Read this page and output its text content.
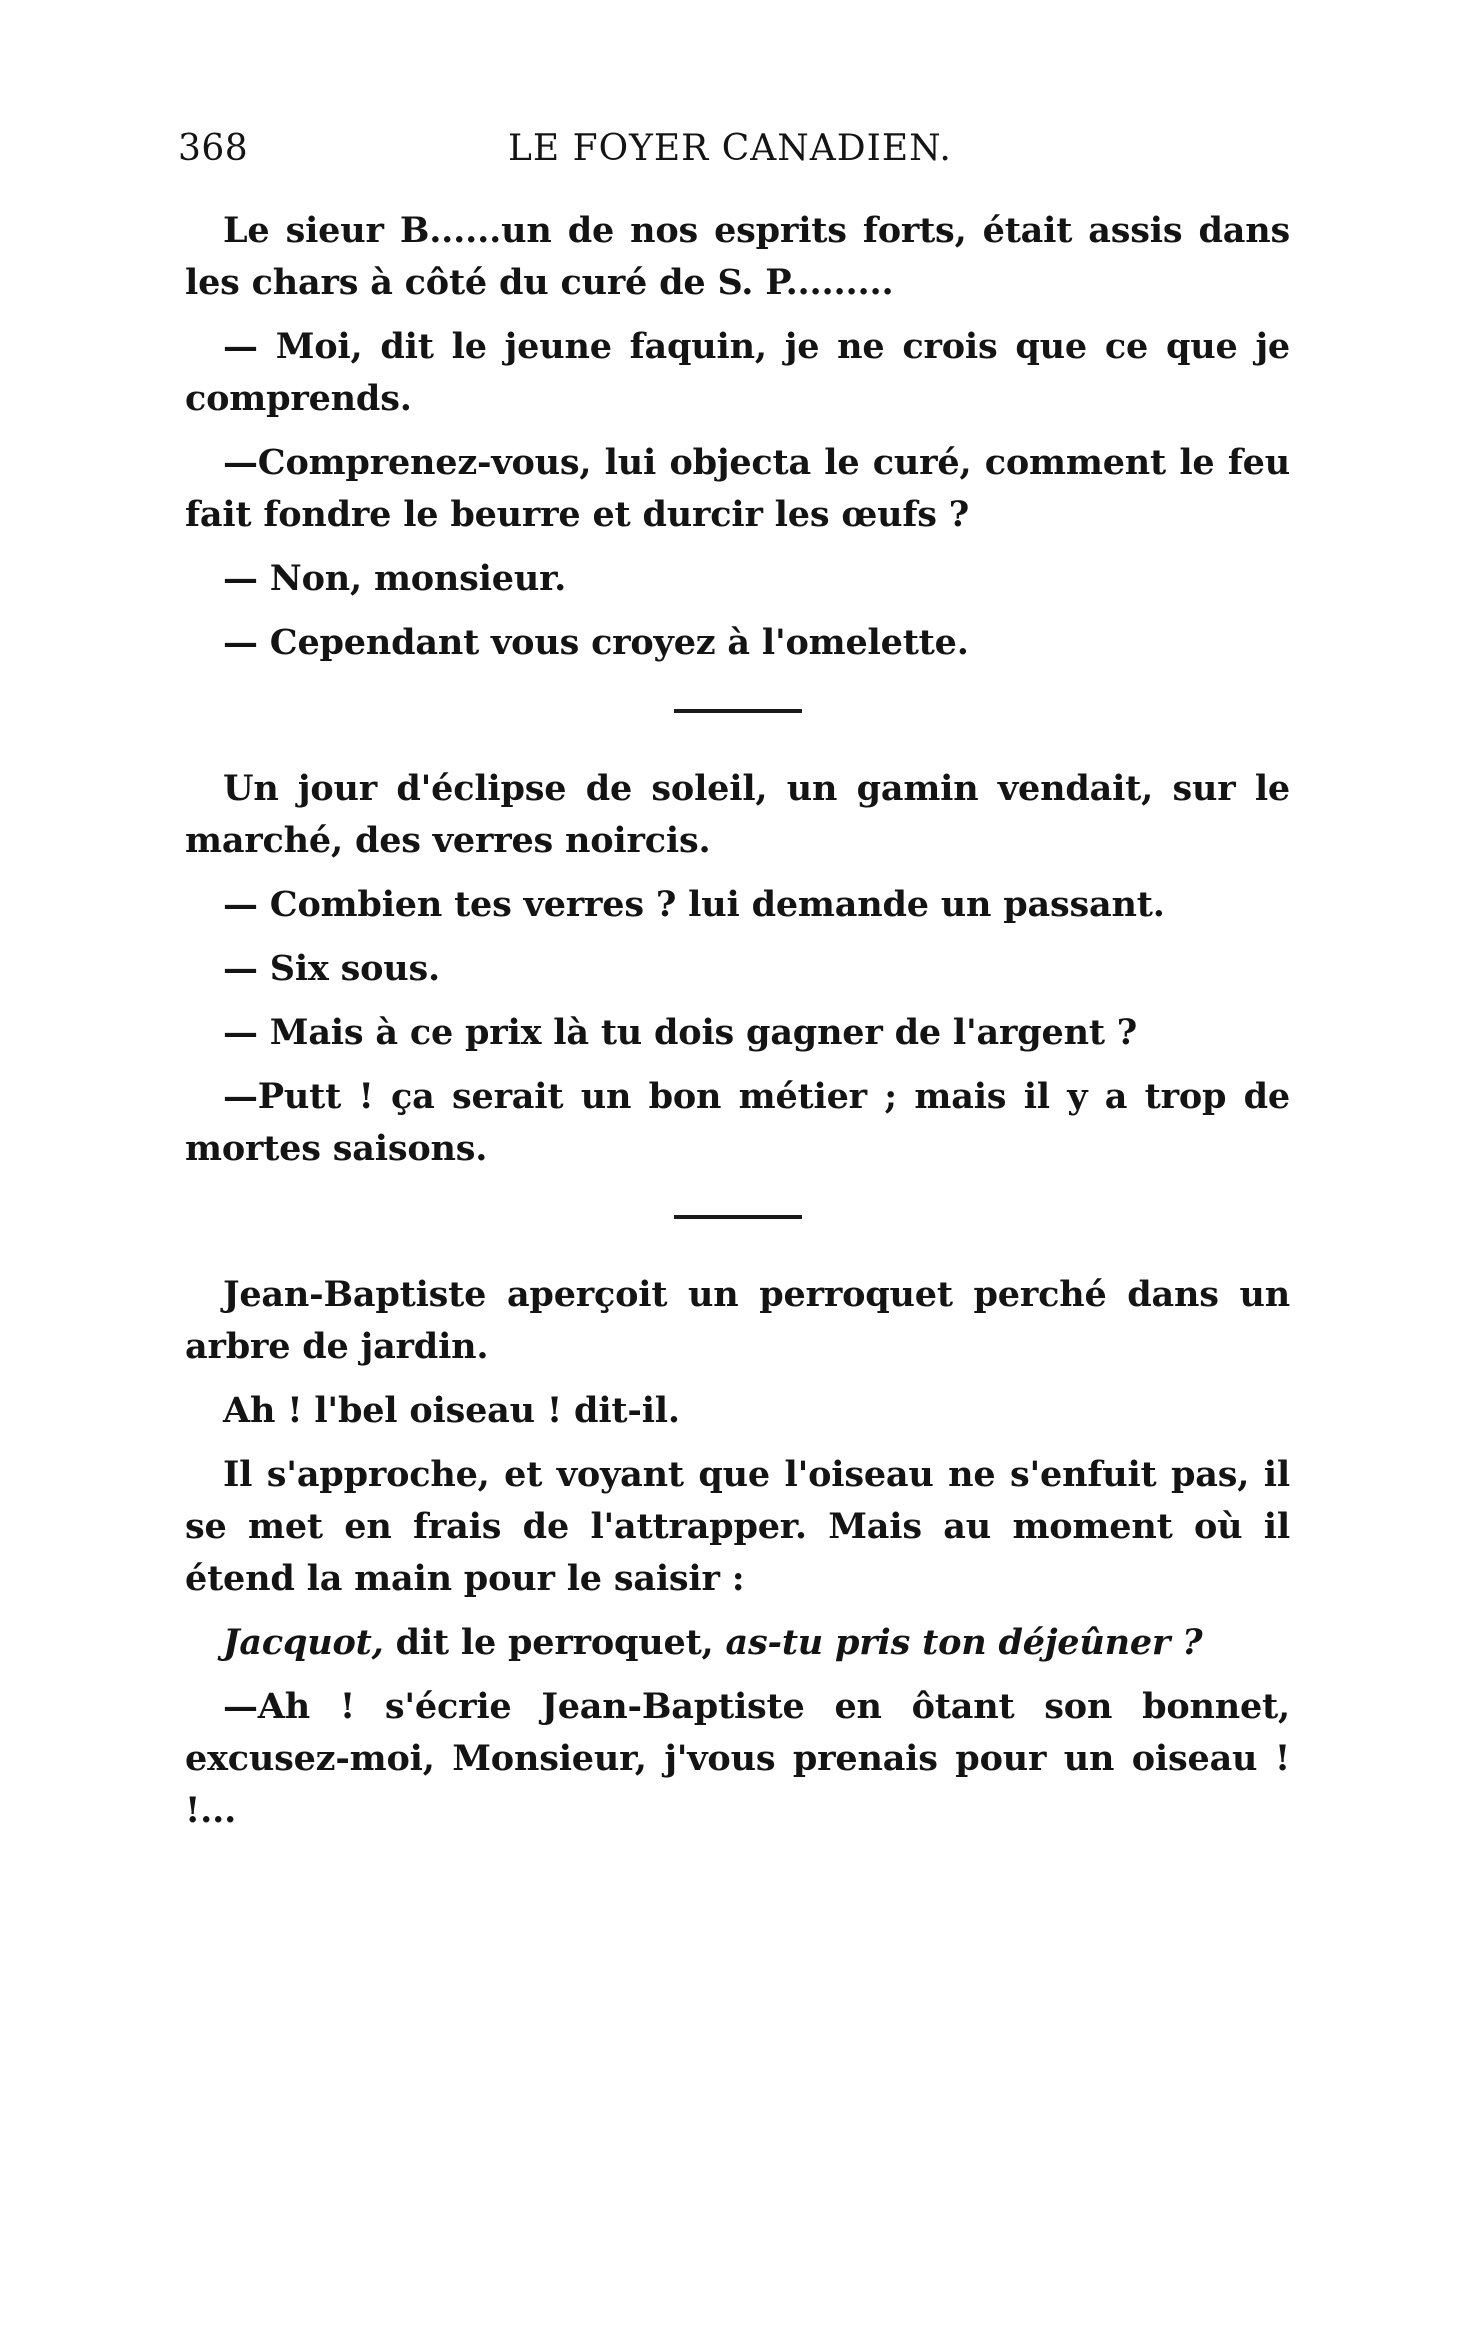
368	LE FOYER CANADIEN.

Le sieur B......un de nos esprits forts, était assis dans les chars à côté du curé de S. P.........

— Moi, dit le jeune faquin, je ne crois que ce que je comprends.

—Comprenez-vous, lui objecta le curé, comment le feu fait fondre le beurre et durcir les œufs ?

— Non, monsieur.

— Cependant vous croyez à l'omelette.

Un jour d'éclipse de soleil, un gamin vendait, sur le marché, des verres noircis.

— Combien tes verres ? lui demande un passant.

— Six sous.

— Mais à ce prix là tu dois gagner de l'argent ?

—Putt ! ça serait un bon métier ; mais il y a trop de mortes saisons.

Jean-Baptiste aperçoit un perroquet perché dans un arbre de jardin.

Ah ! l'bel oiseau ! dit-il.

Il s'approche, et voyant que l'oiseau ne s'enfuit pas, il se met en frais de l'attrapper. Mais au moment où il étend la main pour le saisir :

Jacquot, dit le perroquet, as-tu pris ton déjeûner ?

—Ah ! s'écrie Jean-Baptiste en ôtant son bonnet, excusez-moi, Monsieur, j'vous prenais pour un oiseau ! !...
